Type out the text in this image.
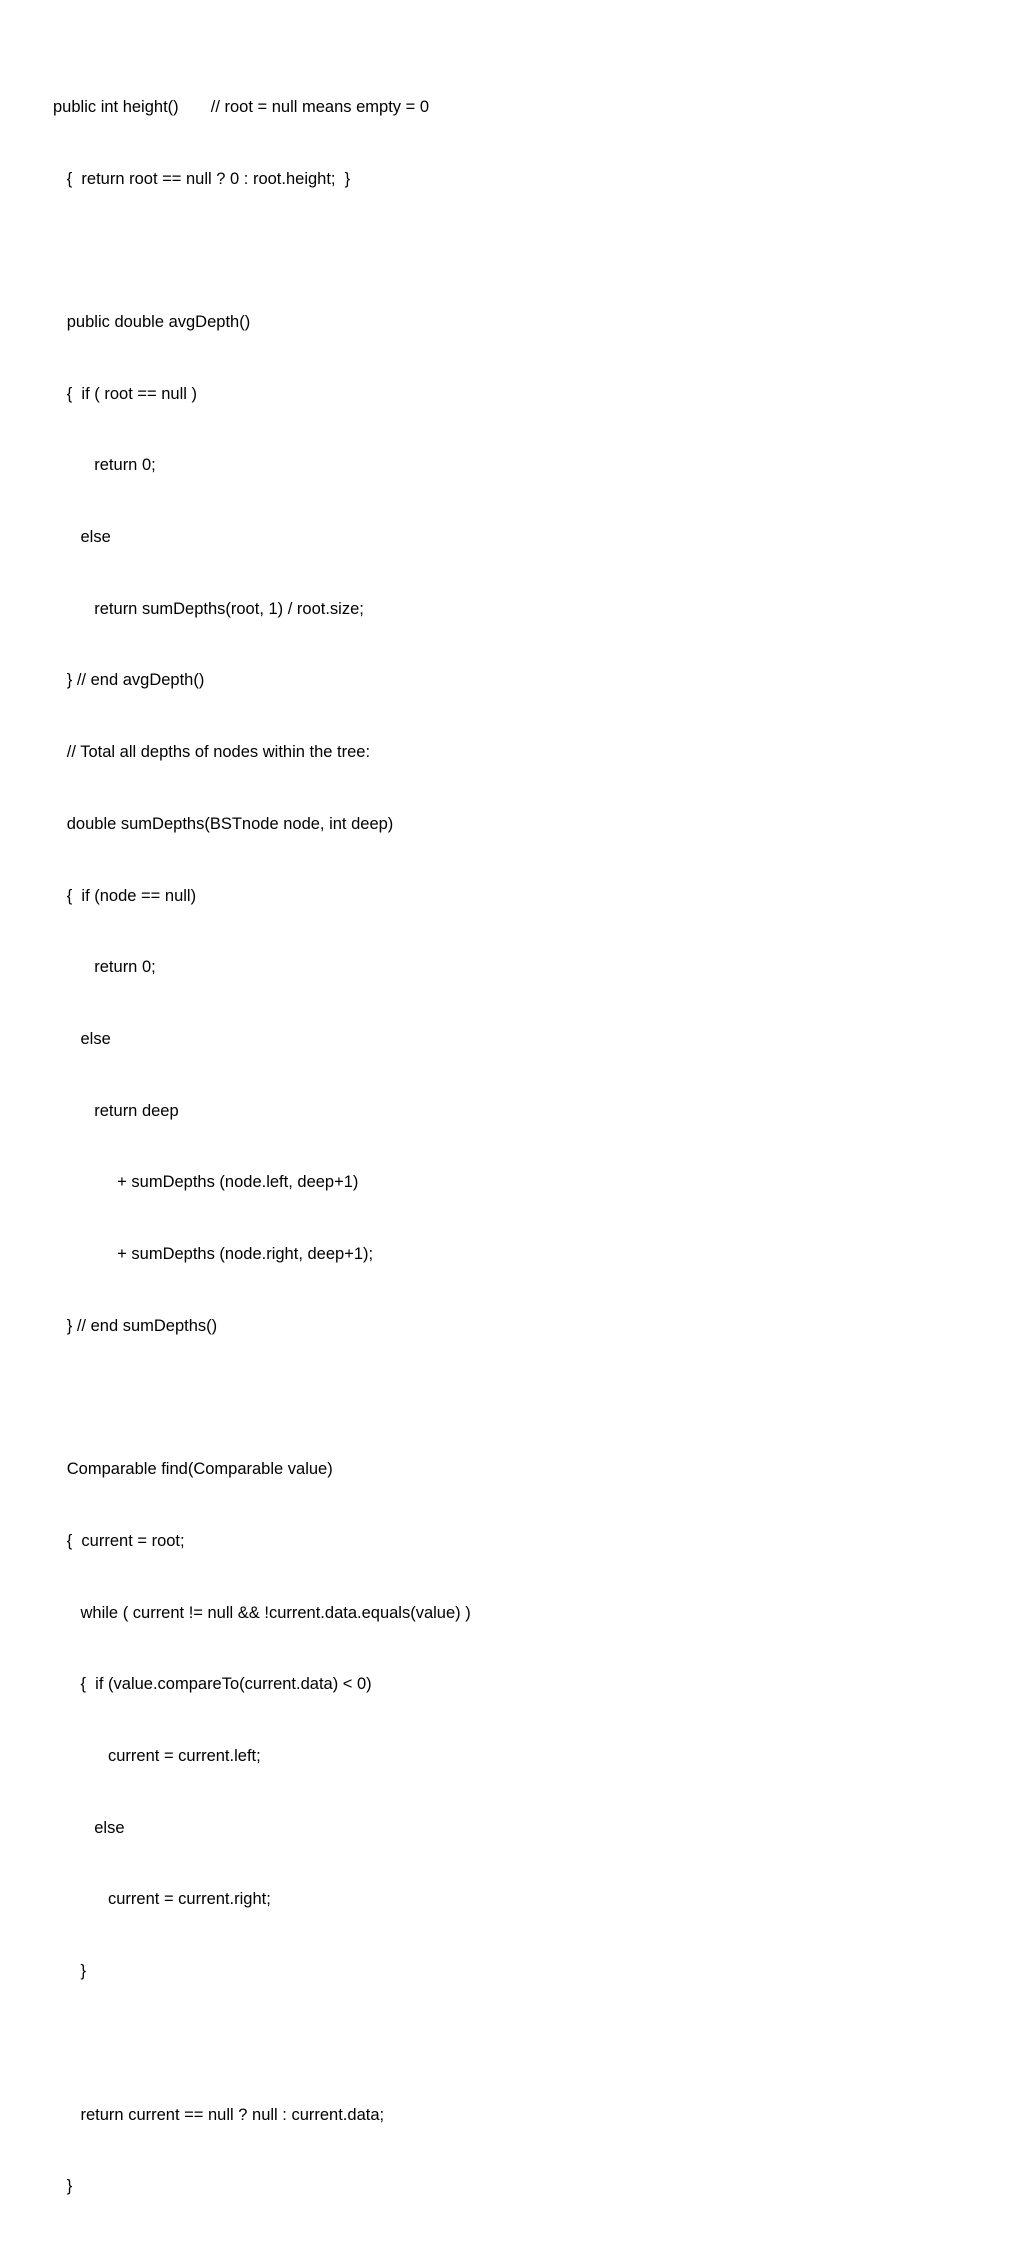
public int height()       // root = null means empty = 0

{  return root == null ? 0 : root.height;  }

public double avgDepth()

{  if ( root == null )

return 0;

else

return sumDepths(root, 1) / root.size;

} // end avgDepth()

// Total all depths of nodes within the tree:

double sumDepths(BSTnode node, int deep)

{  if (node == null)

return 0;

else

return deep

+ sumDepths (node.left, deep+1)

+ sumDepths (node.right, deep+1);

} // end sumDepths()

Comparable find(Comparable value)

{  current = root;

while ( current != null && !current.data.equals(value) )

{  if (value.compareTo(current.data) < 0)

current = current.left;

else

current = current.right;

}

return current == null ? null : current.data;

}
